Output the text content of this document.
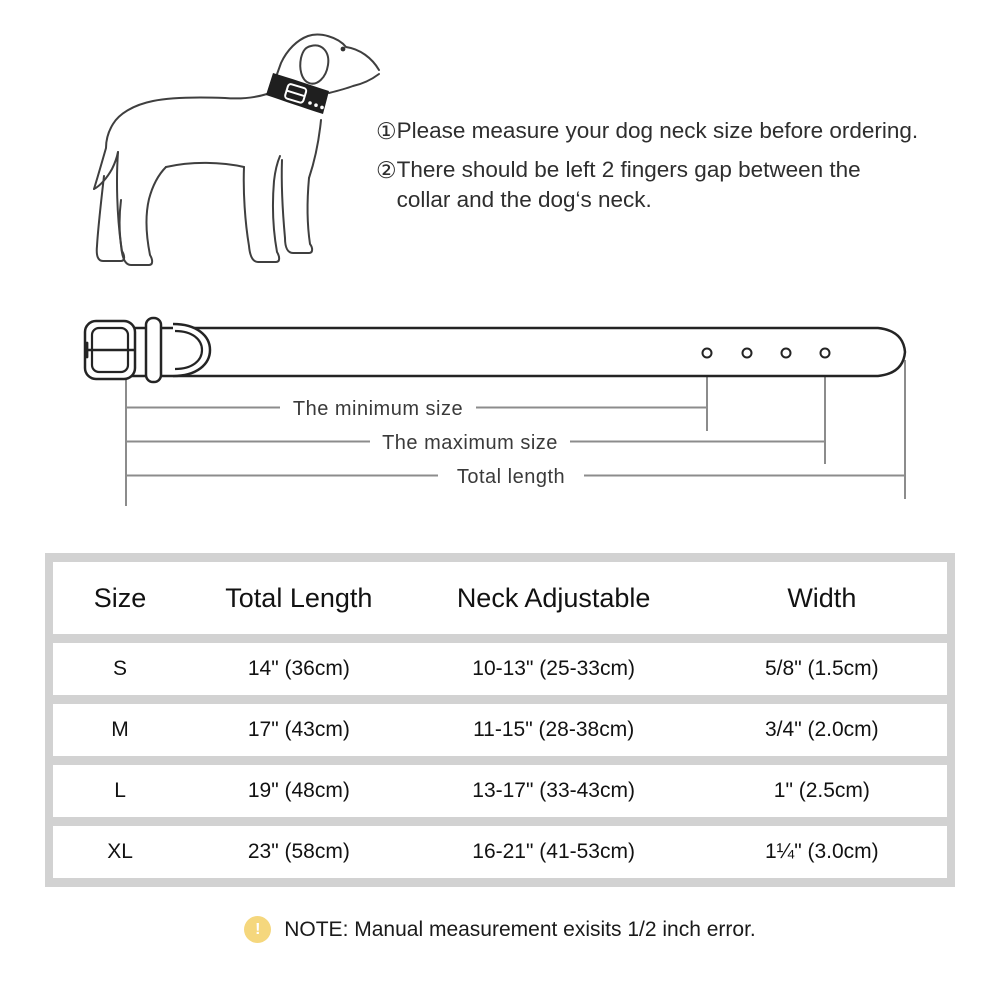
① Please measure your dog neck size before ordering.
② There should be left 2 fingers gap between the collar and the dog‘s neck.
The minimum size
The maximum size
Total length
Size	Total Length	Neck Adjustable	Width
S	14" (36cm)	10-13" (25-33cm)	5/8" (1.5cm)
M	17" (43cm)	11-15" (28-38cm)	3/4" (2.0cm)
L	19" (48cm)	13-17" (33-43cm)	1" (2.5cm)
XL	23" (58cm)	16-21" (41-53cm)	1¼" (3.0cm)
!	NOTE: Manual measurement exisits 1/2 inch error.
